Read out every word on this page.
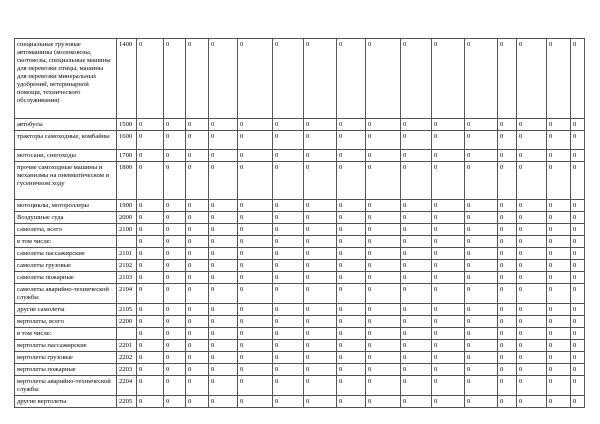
специальные грузовые автомашины (молоковозы, скотовозы, специальные машины для перевозки птицы, машины для перевозки минеральных удобрений, ветеринарной помощи, технического обслуживания)	1400	0	0	0	0	0	0	0	0	0	0	0	0	0	0	0	0
автобусы	1500	0	0	0	0	0	0	0	0	0	0	0	0	0	0	0	0
тракторы самоходные, комбайны	1600	0	0	0	0	0	0	0	0	0	0	0	0	0	0	0	0
мотосани, снегоходы	1700	0	0	0	0	0	0	0	0	0	0	0	0	0	0	0	0
прочие самоходные машины и механизмы на пневматическом и гусеничном ходу	1800	0	0	0	0	0	0	0	0	0	0	0	0	0	0	0	0
мотоциклы, мотороллеры	1900	0	0	0	0	0	0	0	0	0	0	0	0	0	0	0	0
Воздушные суда	2000	0	0	0	0	0	0	0	0	0	0	0	0	0	0	0	0
самолеты, всего	2100	0	0	0	0	0	0	0	0	0	0	0	0	0	0	0	0
в том числе:		0	0	0	0	0	0	0	0	0	0	0	0	0	0	0	0
самолеты пассажирские	2101	0	0	0	0	0	0	0	0	0	0	0	0	0	0	0	0
самолеты грузовые	2102	0	0	0	0	0	0	0	0	0	0	0	0	0	0	0	0
самолеты пожарные	2103	0	0	0	0	0	0	0	0	0	0	0	0	0	0	0	0
самолеты аварийно-технической службы	2104	0	0	0	0	0	0	0	0	0	0	0	0	0	0	0	0
другие самолеты	2105	0	0	0	0	0	0	0	0	0	0	0	0	0	0	0	0
вертолеты, всего	2200	0	0	0	0	0	0	0	0	0	0	0	0	0	0	0	0
в том числе:		0	0	0	0	0	0	0	0	0	0	0	0	0	0	0	0
вертолеты пассажирские	2201	0	0	0	0	0	0	0	0	0	0	0	0	0	0	0	0
вертолеты грузовые	2202	0	0	0	0	0	0	0	0	0	0	0	0	0	0	0	0
вертолеты пожарные	2203	0	0	0	0	0	0	0	0	0	0	0	0	0	0	0	0
вертолеты аварийно-технической службы	2204	0	0	0	0	0	0	0	0	0	0	0	0	0	0	0	0
другие вертолеты	2205	0	0	0	0	0	0	0	0	0	0	0	0	0	0	0	0
